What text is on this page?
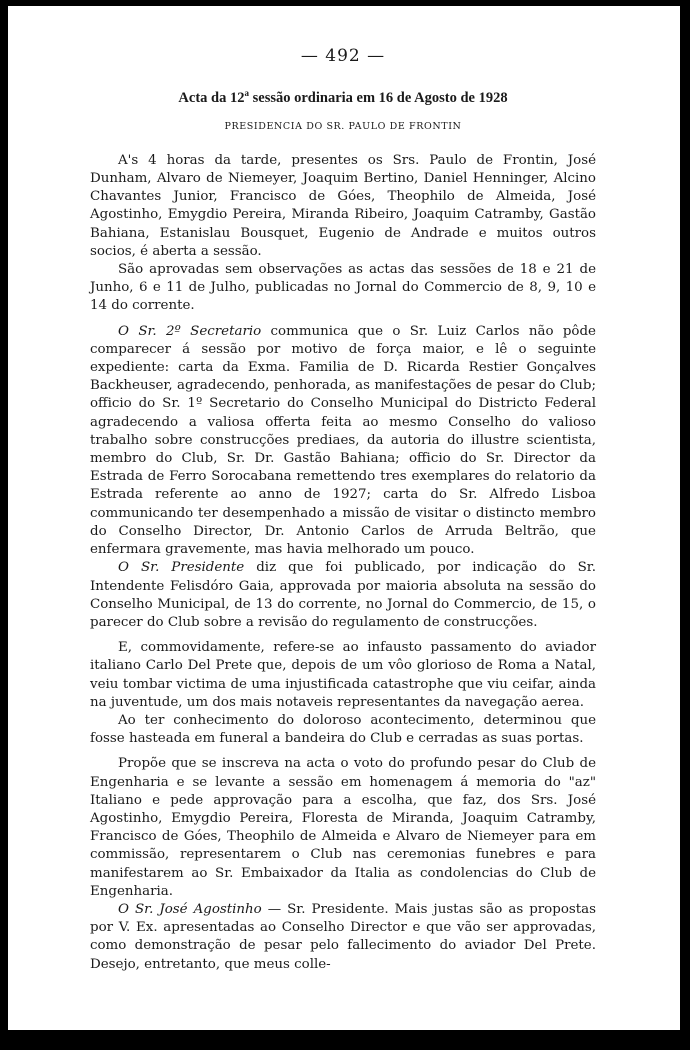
— 492 —
Acta da 12$^a$ sessão ordinaria em 16 de Agosto de 1928
PRESIDENCIA DO SR. PAULO DE FRONTIN

A's 4 horas da tarde, presentes os Srs. Paulo de Frontin, José Dunham, Alvaro de Niemeyer, Joaquim Bertino, Daniel Henninger, Alcino Chavantes Junior, Francisco de Góes, Theophilo de Almeida, José Agostinho, Emygdio Pereira, Miranda Ribeiro, Joaquim Catramby, Gastão Bahiana, Estanislau Bousquet, Eugenio de Andrade e muitos outros socios, é aberta a sessão.

São aprovadas sem observações as actas das sessões de 18 e 21 de Junho, 6 e 11 de Julho, publicadas no Jornal do Commercio de 8, 9, 10 e 14 do corrente.

O Sr. 2º Secretario communica que o Sr. Luiz Carlos não pôde comparecer á sessão por motivo de força maior, e lê o seguinte expediente: carta da Exma. Familia de D. Ricarda Restier Gonçalves Backheuser, agradecendo, penhorada, as manifestações de pesar do Club; officio do Sr. 1º Secretario do Conselho Municipal do Districto Federal agradecendo a valiosa offerta feita ao mesmo Conselho do valioso trabalho sobre construcções prediaes, da autoria do illustre scientista, membro do Club, Sr. Dr. Gastão Bahiana; officio do Sr. Director da Estrada de Ferro Sorocabana remettendo tres exemplares do relatorio da Estrada referente ao anno de 1927; carta do Sr. Alfredo Lisboa communicando ter desempenhado a missão de visitar o distincto membro do Conselho Director, Dr. Antonio Carlos de Arruda Beltrão, que enfermara gravemente, mas havia melhorado um pouco.

O Sr. Presidente diz que foi publicado, por indicação do Sr. Intendente Felisdóro Gaia, approvada por maioria absoluta na sessão do Conselho Municipal, de 13 do corrente, no Jornal do Commercio, de 15, o parecer do Club sobre a revisão do regulamento de construcções.

E, commovidamente, refere-se ao infausto passamento do aviador italiano Carlo Del Prete que, depois de um vôo glorioso de Roma a Natal, veiu tombar victima de uma injustificada catastrophe que viu ceifar, ainda na juventude, um dos mais notaveis representantes da navegação aerea.

Ao ter conhecimento do doloroso acontecimento, determinou que fosse hasteada em funeral a bandeira do Club e cerradas as suas portas.

Propõe que se inscreva na acta o voto do profundo pesar do Club de Engenharia e se levante a sessão em homenagem á memoria do "az" Italiano e pede approvação para a escolha, que faz, dos Srs. José Agostinho, Emygdio Pereira, Floresta de Miranda, Joaquim Catramby, Francisco de Góes, Theophilo de Almeida e Alvaro de Niemeyer para em commissão, representarem o Club nas ceremonias funebres e para manifestarem ao Sr. Embaixador da Italia as condolencias do Club de Engenharia.

O Sr. José Agostinho — Sr. Presidente. Mais justas são as propostas por V. Ex. apresentadas ao Conselho Director e que vão ser approvadas, como demonstração de pesar pelo fallecimento do aviador Del Prete. Desejo, entretanto, que meus colle-
